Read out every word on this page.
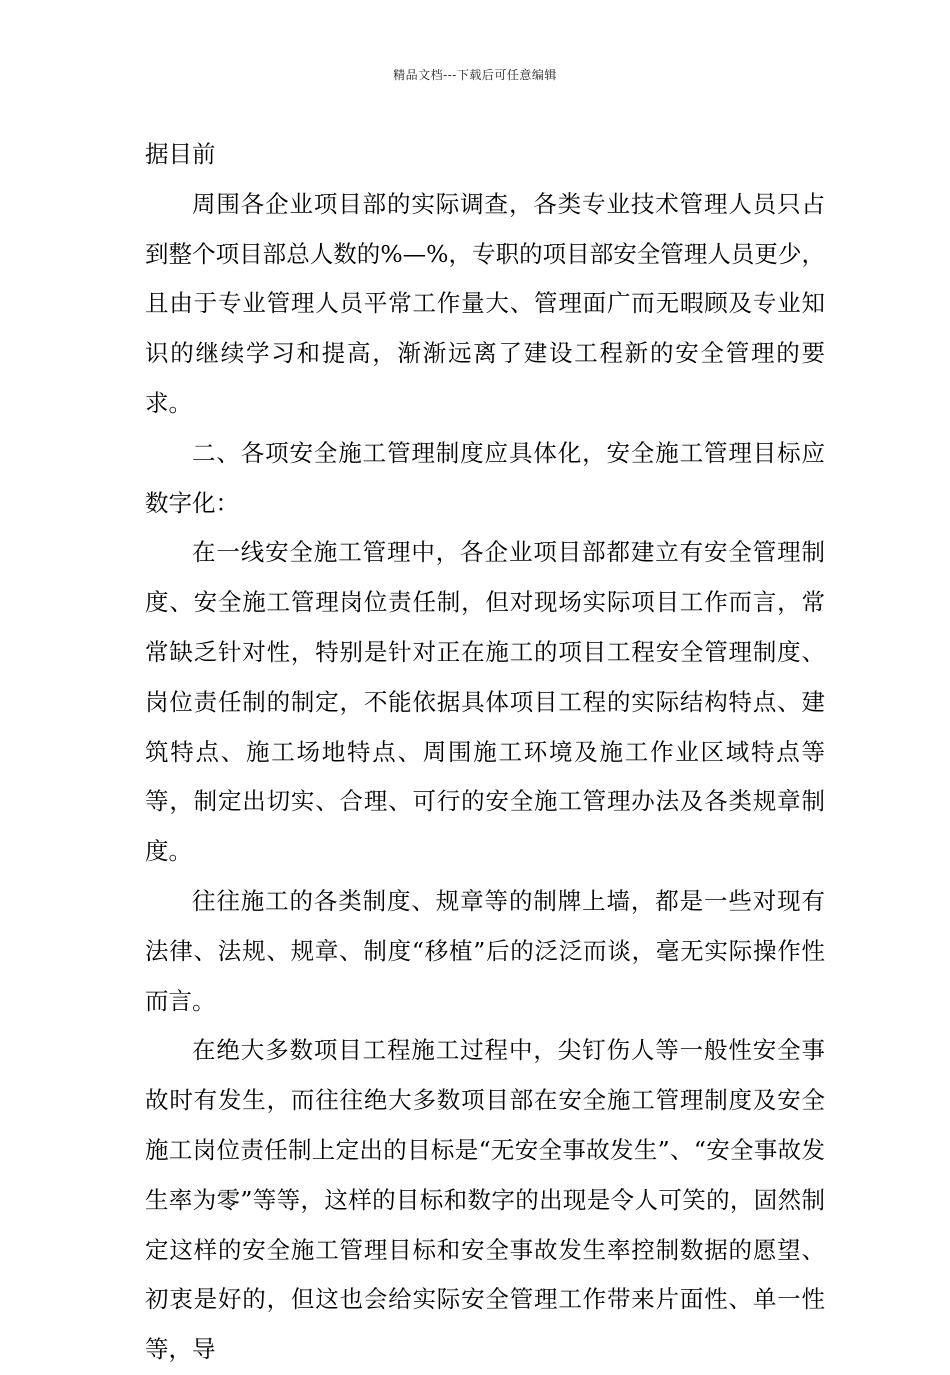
精品文档---下载后可任意编辑

据目前

周围各企业项目部的实际调查，各类专业技术管理人员只占到整个项目部总人数的%—%，专职的项目部安全管理人员更少，且由于专业管理人员平常工作量大、管理面广而无暇顾及专业知识的继续学习和提高，渐渐远离了建设工程新的安全管理的要求。

二、各项安全施工管理制度应具体化，安全施工管理目标应数字化：

在一线安全施工管理中，各企业项目部都建立有安全管理制度、安全施工管理岗位责任制，但对现场实际项目工作而言，常常缺乏针对性，特别是针对正在施工的项目工程安全管理制度、岗位责任制的制定，不能依据具体项目工程的实际结构特点、建筑特点、施工场地特点、周围施工环境及施工作业区域特点等等，制定出切实、合理、可行的安全施工管理办法及各类规章制度。

往往施工的各类制度、规章等的制牌上墙，都是一些对现有法律、法规、规章、制度“移植”后的泛泛而谈，毫无实际操作性而言。

在绝大多数项目工程施工过程中，尖钉伤人等一般性安全事故时有发生，而往往绝大多数项目部在安全施工管理制度及安全施工岗位责任制上定出的目标是“无安全事故发生”、“安全事故发生率为零”等等，这样的目标和数字的出现是令人可笑的，固然制定这样的安全施工管理目标和安全事故发生率控制数据的愿望、初衷是好的，但这也会给实际安全管理工作带来片面性、单一性等，导
